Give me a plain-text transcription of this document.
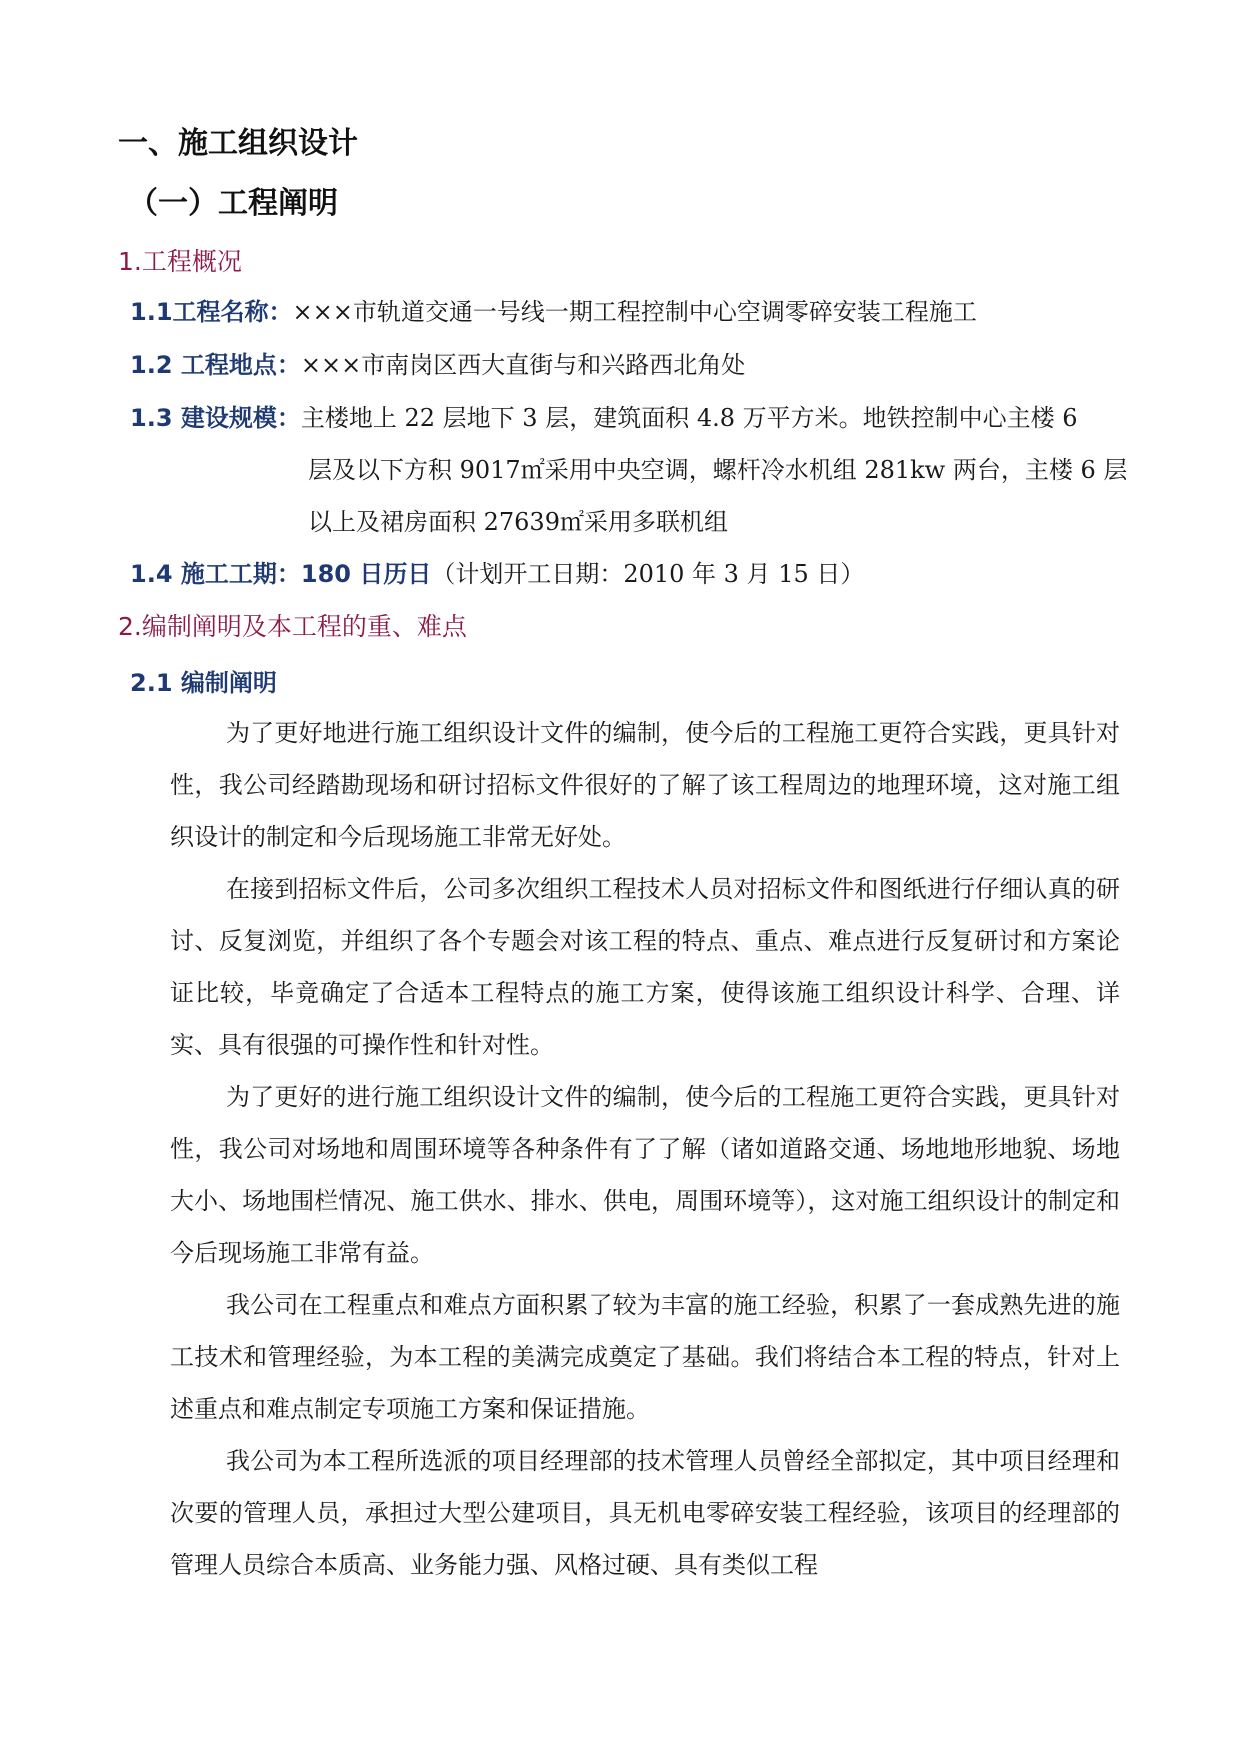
一、施工组织设计
（一）工程阐明
1.工程概况
1.1工程名称：×××市轨道交通一号线一期工程控制中心空调零碎安装工程施工
1.2 工程地点：×××市南岗区西大直街与和兴路西北角处
1.3 建设规模：主楼地上 22 层地下 3 层，建筑面积 4.8 万平方米。地铁控制中心主楼 6
层及以下方积 9017㎡采用中央空调，螺杆冷水机组 281kw 两台，主楼 6 层
以上及裙房面积 27639㎡采用多联机组
1.4 施工工期：180 日历日（计划开工日期：2010 年 3 月 15 日）
2.编制阐明及本工程的重、难点
2.1 编制阐明
为了更好地进行施工组织设计文件的编制，使今后的工程施工更符合实践，更具针对性，我公司经踏勘现场和研讨招标文件很好的了解了该工程周边的地理环境，这对施工组织设计的制定和今后现场施工非常无好处。
在接到招标文件后，公司多次组织工程技术人员对招标文件和图纸进行仔细认真的研讨、反复浏览，并组织了各个专题会对该工程的特点、重点、难点进行反复研讨和方案论证比较，毕竟确定了合适本工程特点的施工方案，使得该施工组织设计科学、合理、详实、具有很强的可操作性和针对性。
为了更好的进行施工组织设计文件的编制，使今后的工程施工更符合实践，更具针对性，我公司对场地和周围环境等各种条件有了了解（诸如道路交通、场地地形地貌、场地大小、场地围栏情况、施工供水、排水、供电，周围环境等），这对施工组织设计的制定和今后现场施工非常有益。
我公司在工程重点和难点方面积累了较为丰富的施工经验，积累了一套成熟先进的施工技术和管理经验，为本工程的美满完成奠定了基础。我们将结合本工程的特点，针对上述重点和难点制定专项施工方案和保证措施。
我公司为本工程所选派的项目经理部的技术管理人员曾经全部拟定，其中项目经理和次要的管理人员，承担过大型公建项目，具无机电零碎安装工程经验，该项目的经理部的管理人员综合本质高、业务能力强、风格过硬、具有类似工程
